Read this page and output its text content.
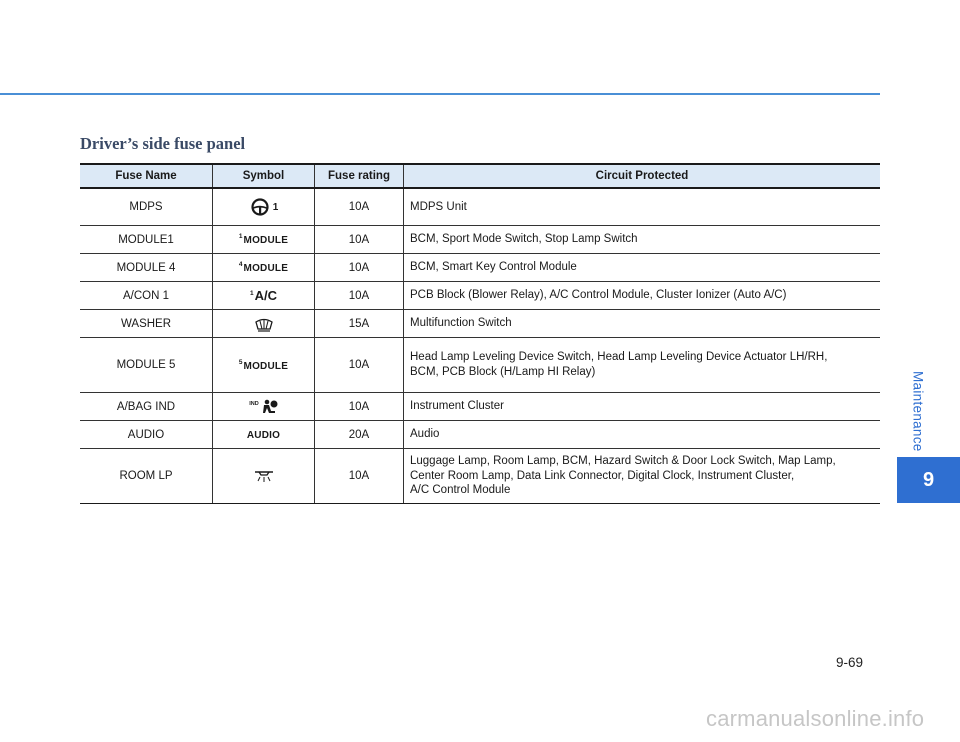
Driver’s side fuse panel
Maintenance
9
Fuse Name	Symbol	Fuse rating	Circuit Protected
MDPS	1	10A	MDPS Unit
MODULE1	$^1$MODULE	10A	BCM, Sport Mode Switch, Stop Lamp Switch
MODULE 4	$^4$MODULE	10A	BCM, Smart Key Control Module
A/CON 1	$^1$A/C	10A	PCB Block (Blower Relay), A/C Control Module, Cluster Ionizer (Auto A/C)
WASHER		15A	Multifunction Switch
MODULE 5	$^5$MODULE	10A	Head Lamp Leveling Device Switch, Head Lamp Leveling Device Actuator LH/RH,
BCM, PCB Block (H/Lamp HI Relay)
A/BAG IND	$^{IND}$	10A	Instrument Cluster
AUDIO	AUDIO	20A	Audio
ROOM LP		10A	Luggage Lamp, Room Lamp, BCM, Hazard Switch & Door Lock Switch, Map Lamp,
Center Room Lamp, Data Link Connector, Digital Clock, Instrument Cluster,
A/C Control Module
9-69
carmanualsonline.info
